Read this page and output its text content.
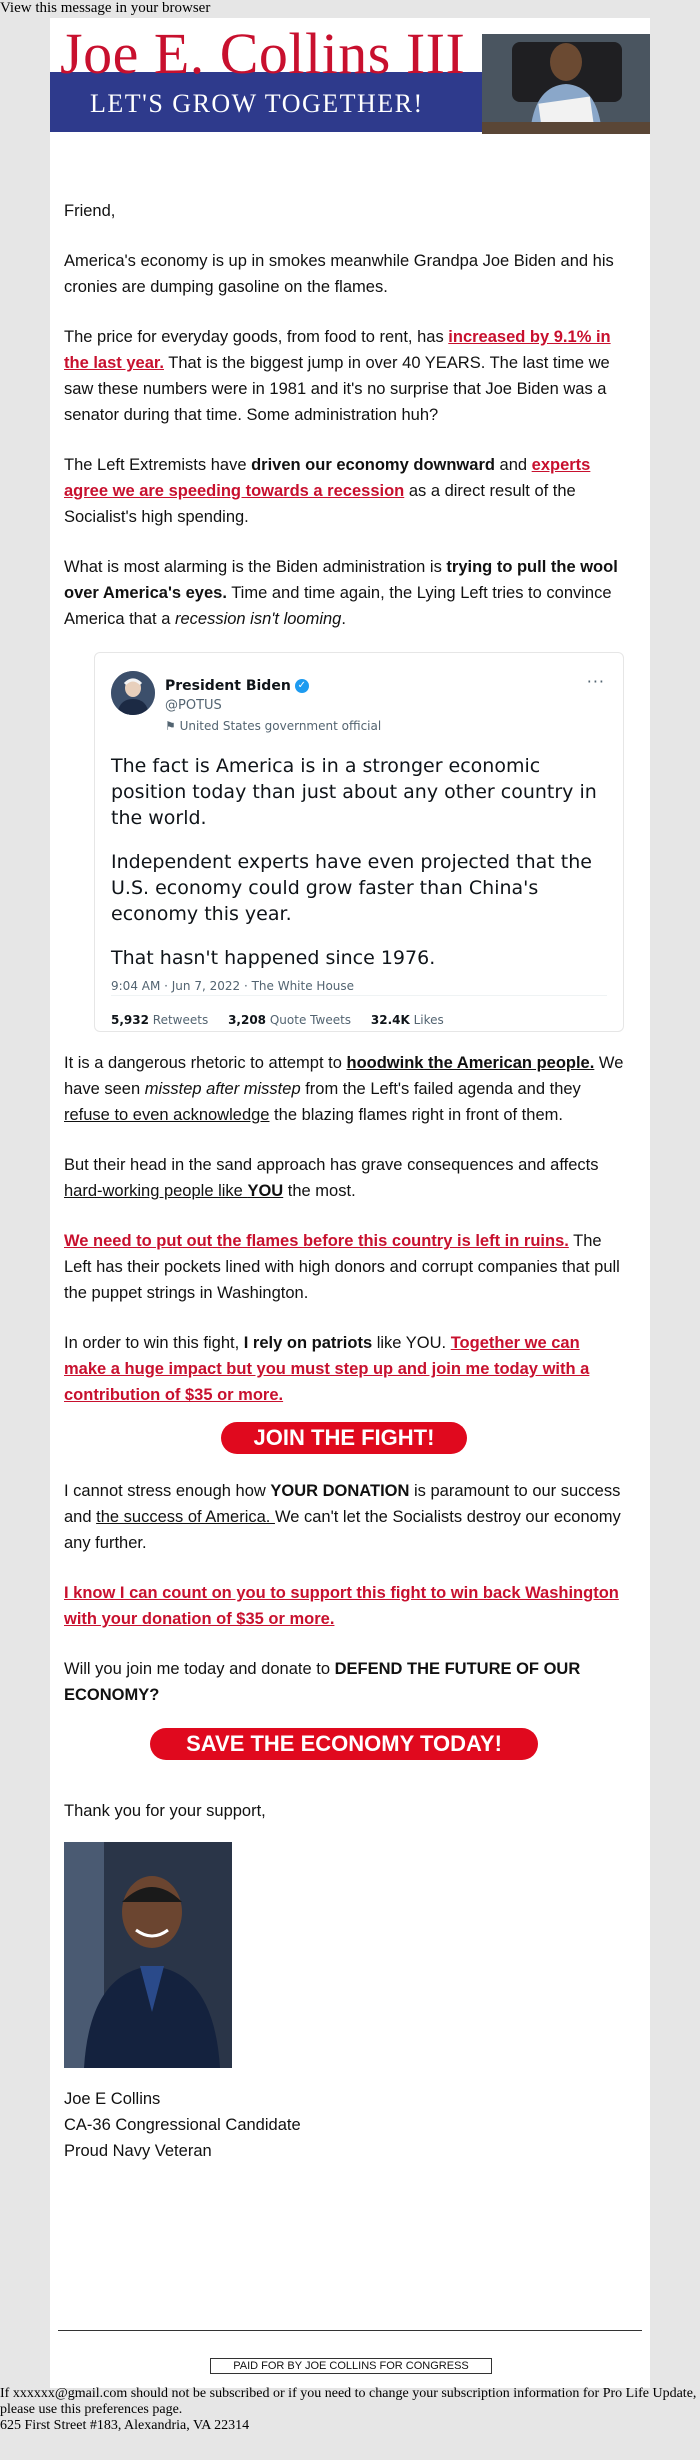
View this message in your browser
Joe E. Collins III
LET'S GROW TOGETHER!

Friend,

America's economy is up in smokes meanwhile Grandpa Joe Biden and his cronies are dumping gasoline on the flames.

The price for everyday goods, from food to rent, has increased by 9.1% in the last year. That is the biggest jump in over 40 YEARS. The last time we saw these numbers were in 1981 and it's no surprise that Joe Biden was a senator during that time. Some administration huh?

The Left Extremists have driven our economy downward and experts agree we are speeding towards a recession as a direct result of the Socialist's high spending.

What is most alarming is the Biden administration is trying to pull the wool over America's eyes. Time and time again, the Lying Left tries to convince America that a recession isn't looming.

President Biden ✓
@POTUS
⚑ United States government official
···
The fact is America is in a stronger economic position today than just about any other country in the world.
Independent experts have even projected that the U.S. economy could grow faster than China's economy this year.
That hasn't happened since 1976.
9:04 AM · Jun 7, 2022 · The White House
5,932 Retweets 3,208 Quote Tweets 32.4K Likes

It is a dangerous rhetoric to attempt to hoodwink the American people. We have seen misstep after misstep from the Left's failed agenda and they refuse to even acknowledge the blazing flames right in front of them.

But their head in the sand approach has grave consequences and affects hard-working people like YOU the most.

We need to put out the flames before this country is left in ruins. The Left has their pockets lined with high donors and corrupt companies that pull the puppet strings in Washington.

In order to win this fight, I rely on patriots like YOU. Together we can make a huge impact but you must step up and join me today with a contribution of $35 or more.

JOIN THE FIGHT!

I cannot stress enough how YOUR DONATION is paramount to our success and the success of America. We can't let the Socialists destroy our economy any further.

I know I can count on you to support this fight to win back Washington with your donation of $35 or more.

Will you join me today and donate to DEFEND THE FUTURE OF OUR ECONOMY?

SAVE THE ECONOMY TODAY!

Thank you for your support,

Joe E Collins
CA-36 Congressional Candidate
Proud Navy Veteran
PAID FOR BY JOE COLLINS FOR CONGRESS
If xxxxxx@gmail.com should not be subscribed or if you need to change your subscription information for Pro Life Update, please use this preferences page.
625 First Street #183, Alexandria, VA 22314
